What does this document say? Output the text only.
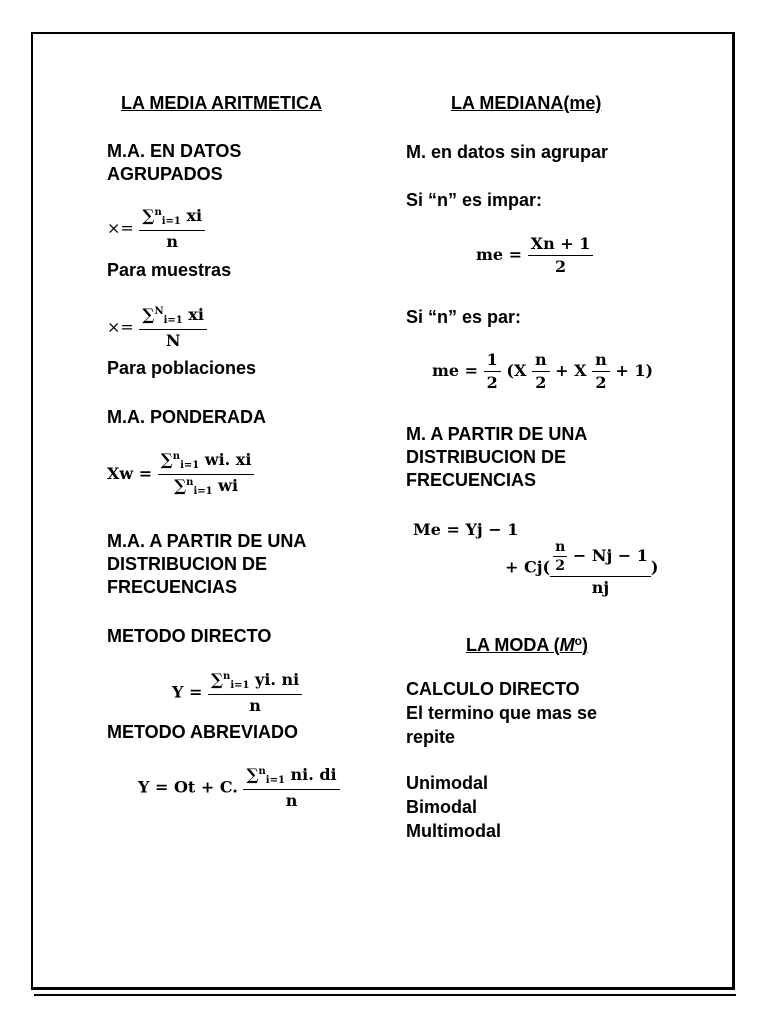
LA MEDIA ARITMETICA
M.A. EN DATOS
AGRUPADOS
×= $\frac{\sum^n_{i=1} xi}{n}$
Para muestras
×= $\frac{\sum^N_{i=1} xi}{N}$
Para poblaciones
M.A. PONDERADA
$Xw = \frac{\sum^n_{i=1} wi. xi}{\sum^n_{i=1} wi}$
M.A. A PARTIR DE UNA
DISTRIBUCION DE
FRECUENCIAS
METODO DIRECTO
$Y = \frac{\sum^n_{i=1} yi. ni}{n}$
METODO ABREVIADO
Y = Ot + C. $\frac{\sum^n_{i=1} ni. di}{n}$
LA MEDIANA(me)
M. en datos sin agrupar
Si “n” es impar:
me = $\frac{Xn + 1}{2}$
Si “n” es par:
me = $\frac{1}{2} (X \frac{n}{2} + X \frac{n}{2} + 1)$
M. A PARTIR DE UNA
DISTRIBUCION DE
FRECUENCIAS
Me = Yj − 1
+ $Cj( \frac{\frac{n}{2} - Nj - 1}{nj}$ )
LA MODA $(M^o)$
CALCULO DIRECTO
El termino que mas se
repite
Unimodal
Bimodal
Multimodal
